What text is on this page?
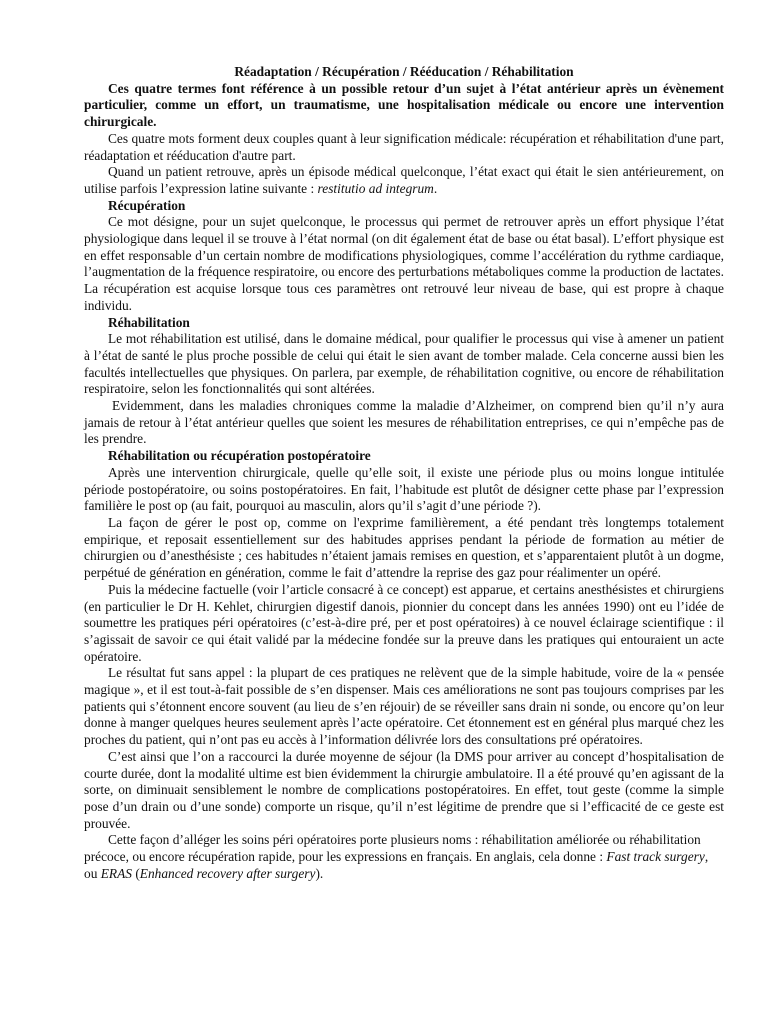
Réadaptation / Récupération / Rééducation / Réhabilitation

Ces quatre termes font référence à un possible retour d’un sujet à l’état antérieur après un évènement particulier, comme un effort, un traumatisme, une hospitalisation médicale ou encore une intervention chirurgicale.

Ces quatre mots forment deux couples quant à leur signification médicale: récupération et réhabilitation d'une part, réadaptation et rééducation d'autre part.

Quand un patient retrouve, après un épisode médical quelconque, l’état exact qui était le sien antérieurement, on utilise parfois l’expression latine suivante : restitutio ad integrum.

Récupération

Ce mot désigne, pour un sujet quelconque, le processus qui permet de retrouver après un effort physique l’état physiologique dans lequel il se trouve à l’état normal (on dit également état de base ou état basal). L’effort physique est en effet responsable d’un certain nombre de modifications physiologiques, comme l’accélération du rythme cardiaque, l’augmentation de la fréquence respiratoire, ou encore des perturbations métaboliques comme la production de lactates. La récupération est acquise lorsque tous ces paramètres ont retrouvé leur niveau de base, qui est propre à chaque individu.

Réhabilitation

Le mot réhabilitation est utilisé, dans le domaine médical, pour qualifier le processus qui vise à amener un patient à l’état de santé le plus proche possible de celui qui était le sien avant de tomber malade. Cela concerne aussi bien les facultés intellectuelles que physiques. On parlera, par exemple, de réhabilitation cognitive, ou encore de réhabilitation respiratoire, selon les fonctionnalités qui sont altérées.

Evidemment, dans les maladies chroniques comme la maladie d’Alzheimer, on comprend bien qu’il n’y aura jamais de retour à l’état antérieur quelles que soient les mesures de réhabilitation entreprises, ce qui n’empêche pas de les prendre.

Réhabilitation ou récupération postopératoire

Après une intervention chirurgicale, quelle qu’elle soit, il existe une période plus ou moins longue intitulée période postopératoire, ou soins postopératoires. En fait, l’habitude est plutôt de désigner cette phase par l’expression familière le post op (au fait, pourquoi au masculin, alors qu’il s’agit d’une période ?).

La façon de gérer le post op, comme on l'exprime familièrement, a été pendant très longtemps totalement empirique, et reposait essentiellement sur des habitudes apprises pendant la période de formation au métier de chirurgien ou d’anesthésiste ; ces habitudes n’étaient jamais remises en question, et s’apparentaient plutôt à un dogme, perpétué de génération en génération, comme le fait d’attendre la reprise des gaz pour réalimenter un opéré.

Puis la médecine factuelle (voir l’article consacré à ce concept) est apparue, et certains anesthésistes et chirurgiens (en particulier le Dr H. Kehlet, chirurgien digestif danois, pionnier du concept dans les années 1990) ont eu l’idée de soumettre les pratiques péri opératoires (c’est-à-dire pré, per et post opératoires) à ce nouvel éclairage scientifique : il s’agissait de savoir ce qui était validé par la médecine fondée sur la preuve dans les pratiques qui entouraient un acte opératoire.

Le résultat fut sans appel : la plupart de ces pratiques ne relèvent que de la simple habitude, voire de la « pensée magique », et il est tout-à-fait possible de s’en dispenser. Mais ces améliorations ne sont pas toujours comprises par les patients qui s’étonnent encore souvent (au lieu de s’en réjouir) de se réveiller sans drain ni sonde, ou encore qu’on leur donne à manger quelques heures seulement après l’acte opératoire. Cet étonnement est en général plus marqué chez les proches du patient, qui n’ont pas eu accès à l’information délivrée lors des consultations pré opératoires.

C’est ainsi que l’on a raccourci la durée moyenne de séjour (la DMS pour arriver au concept d’hospitalisation de courte durée, dont la modalité ultime est bien évidemment la chirurgie ambulatoire. Il a été prouvé qu’en agissant de la sorte, on diminuait sensiblement le nombre de complications postopératoires. En effet, tout geste (comme la simple pose d’un drain ou d’une sonde) comporte un risque, qu’il n’est légitime de prendre que si l’efficacité de ce geste est prouvée.

Cette façon d’alléger les soins péri opératoires porte plusieurs noms : réhabilitation améliorée ou réhabilitation précoce, ou encore récupération rapide, pour les expressions en français. En anglais, cela donne : Fast track surgery, ou ERAS (Enhanced recovery after surgery).
